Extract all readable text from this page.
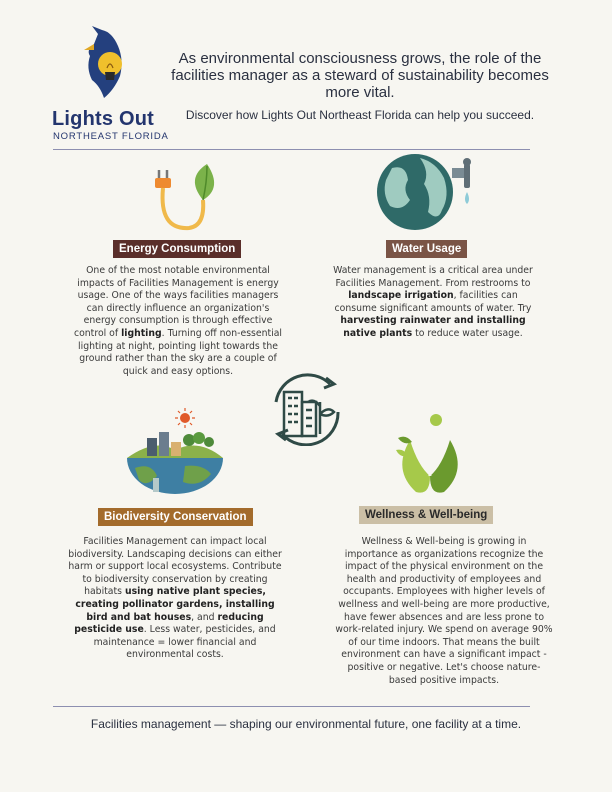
Lights Out
NORTHEAST FLORIDA
As environmental consciousness grows, the role of the facilities manager as a steward of sustainability becomes more vital.
Discover how Lights Out Northeast Florida can help you succeed.
Energy Consumption
One of the most notable environmental impacts of Facilities Management is energy usage. One of the ways facilities managers can directly influence an organization's energy consumption is through effective control of lighting. Turning off non-essential lighting at night, pointing light towards the ground rather than the sky are a couple of quick and easy options.
Water Usage
Water management is a critical area under Facilities Management. From restrooms to landscape irrigation, facilities can consume significant amounts of water. Try harvesting rainwater and installing native plants to reduce water usage.
Biodiversity Conservation
Facilities Management can impact local biodiversity. Landscaping decisions can either harm or support local ecosystems. Contribute to biodiversity conservation by creating habitats using native plant species, creating pollinator gardens, installing bird and bat houses, and reducing pesticide use. Less water, pesticides, and maintenance = lower financial and environmental costs.
Wellness & Well-being
Wellness & Well-being is growing in importance as organizations recognize the impact of the physical environment on the health and productivity of employees and occupants. Employees with higher levels of wellness and well-being are more productive, have fewer absences and are less prone to work-related injury. We spend on average 90% of our time indoors. That means the built environment can have a significant impact - positive or negative. Let's choose nature-based positive impacts.
Facilities management — shaping our environmental future, one facility at a time.
